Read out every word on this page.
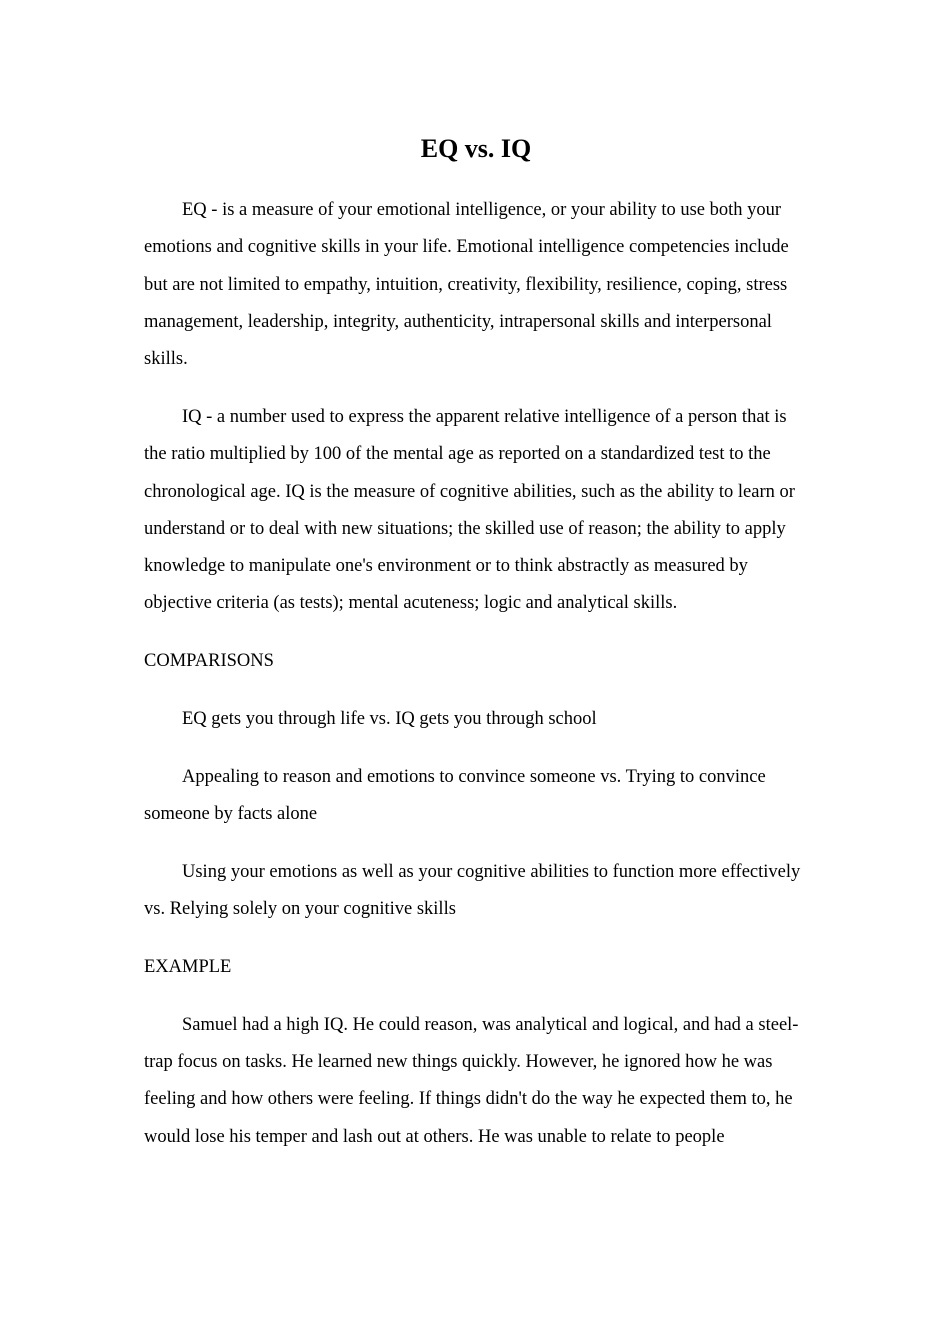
EQ vs. IQ

EQ - is a measure of your emotional intelligence, or your ability to use both your emotions and cognitive skills in your life. Emotional intelligence competencies include but are not limited to empathy, intuition, creativity, flexibility, resilience, coping, stress management, leadership, integrity, authenticity, intrapersonal skills and interpersonal skills.

IQ - a number used to express the apparent relative intelligence of a person that is the ratio multiplied by 100 of the mental age as reported on a standardized test to the chronological age. IQ is the measure of cognitive abilities, such as the ability to learn or understand or to deal with new situations; the skilled use of reason; the ability to apply knowledge to manipulate one's environment or to think abstractly as measured by objective criteria (as tests); mental acuteness; logic and analytical skills.

COMPARISONS

EQ gets you through life vs. IQ gets you through school

Appealing to reason and emotions to convince someone vs. Trying to convince someone by facts alone

Using your emotions as well as your cognitive abilities to function more effectively vs. Relying solely on your cognitive skills

EXAMPLE

Samuel had a high IQ. He could reason, was analytical and logical, and had a steel-trap focus on tasks. He learned new things quickly. However, he ignored how he was feeling and how others were feeling. If things didn't do the way he expected them to, he would lose his temper and lash out at others. He was unable to relate to people
